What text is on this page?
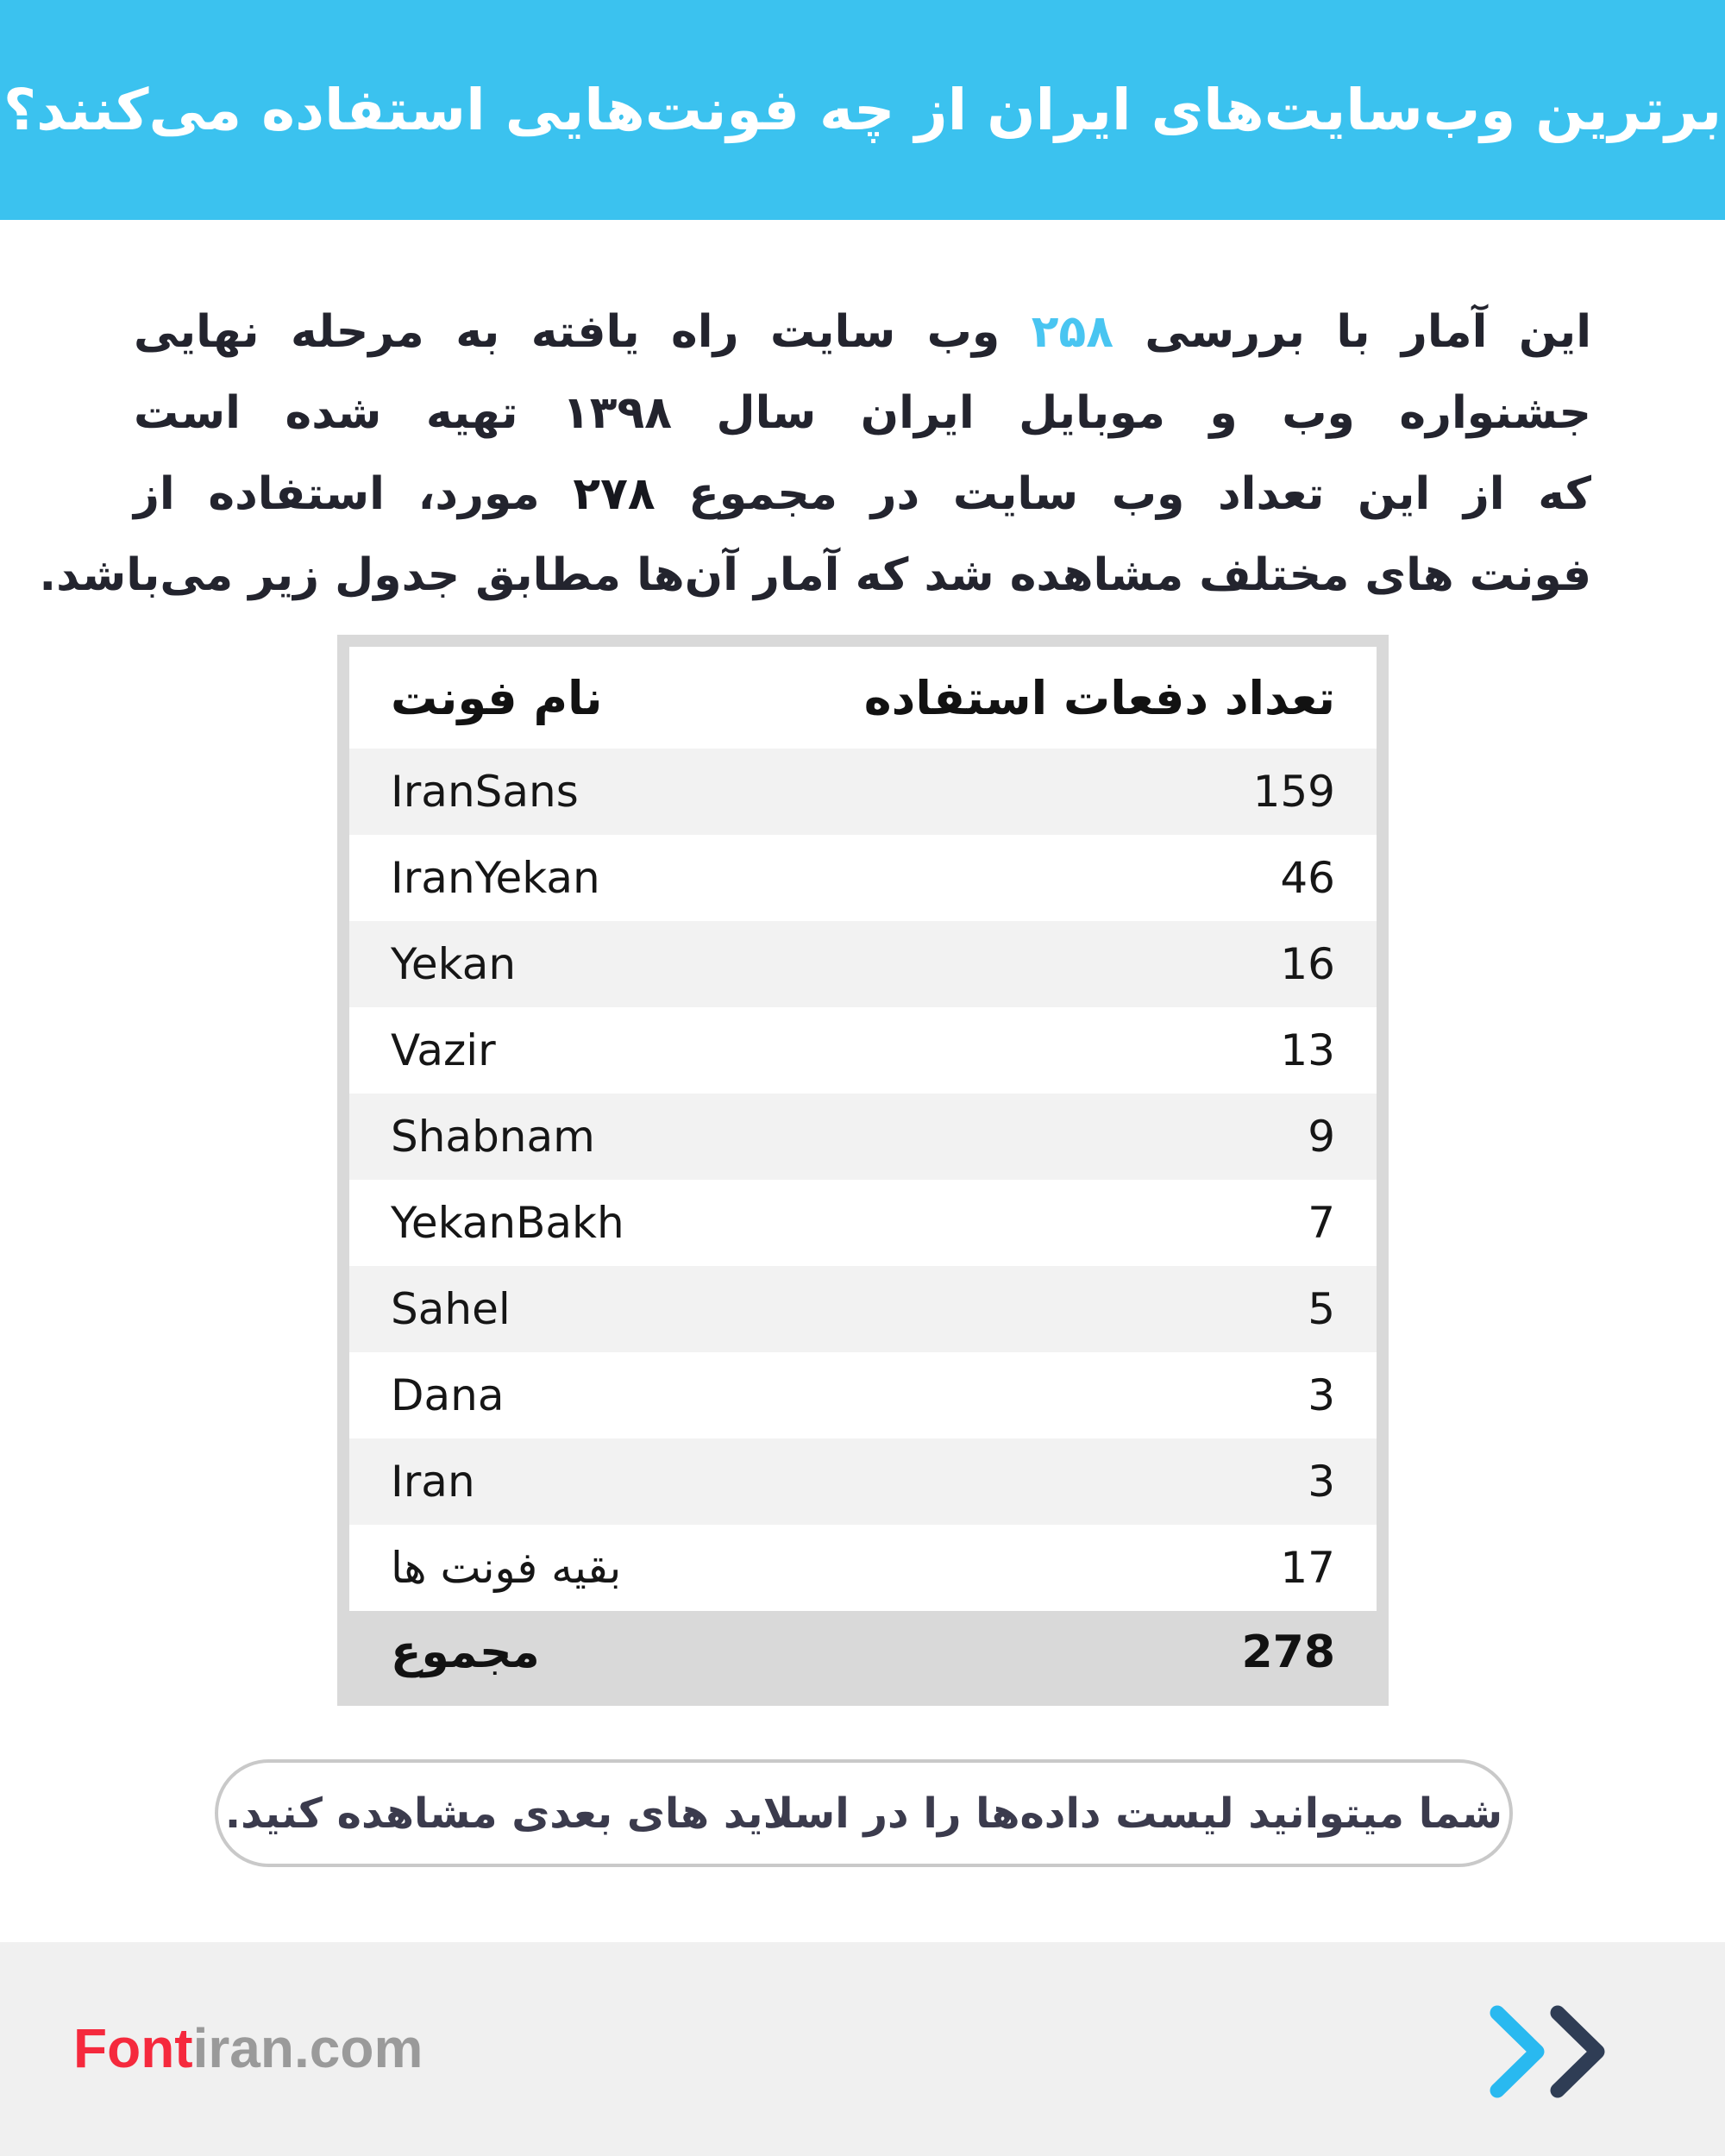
برترین وب‌سایت‌های ایران از چه فونت‌هایی استفاده می‌کنند؟
این آمار با بررسی ۲۵۸ وب سایت راه یافته به مرحله نهایی
جشنواره وب و موبایل ایران سال ۱۳۹۸ تهیه شده است
که از این تعداد وب سایت در مجموع ۲۷۸ مورد، استفاده از
فونت های مختلف مشاهده شد که آمار آن‌ها مطابق جدول زیر می‌باشد.
نام فونت	تعداد دفعات استفاده
IranSans	159
IranYekan	46
Yekan	16
Vazir	13
Shabnam	9
YekanBakh	7
Sahel	5
Dana	3
Iran	3
بقیه فونت ها	17
مجموع	278
شما میتوانید لیست داده‌ها را در اسلاید های بعدی مشاهده کنید.
Fontiran.com
